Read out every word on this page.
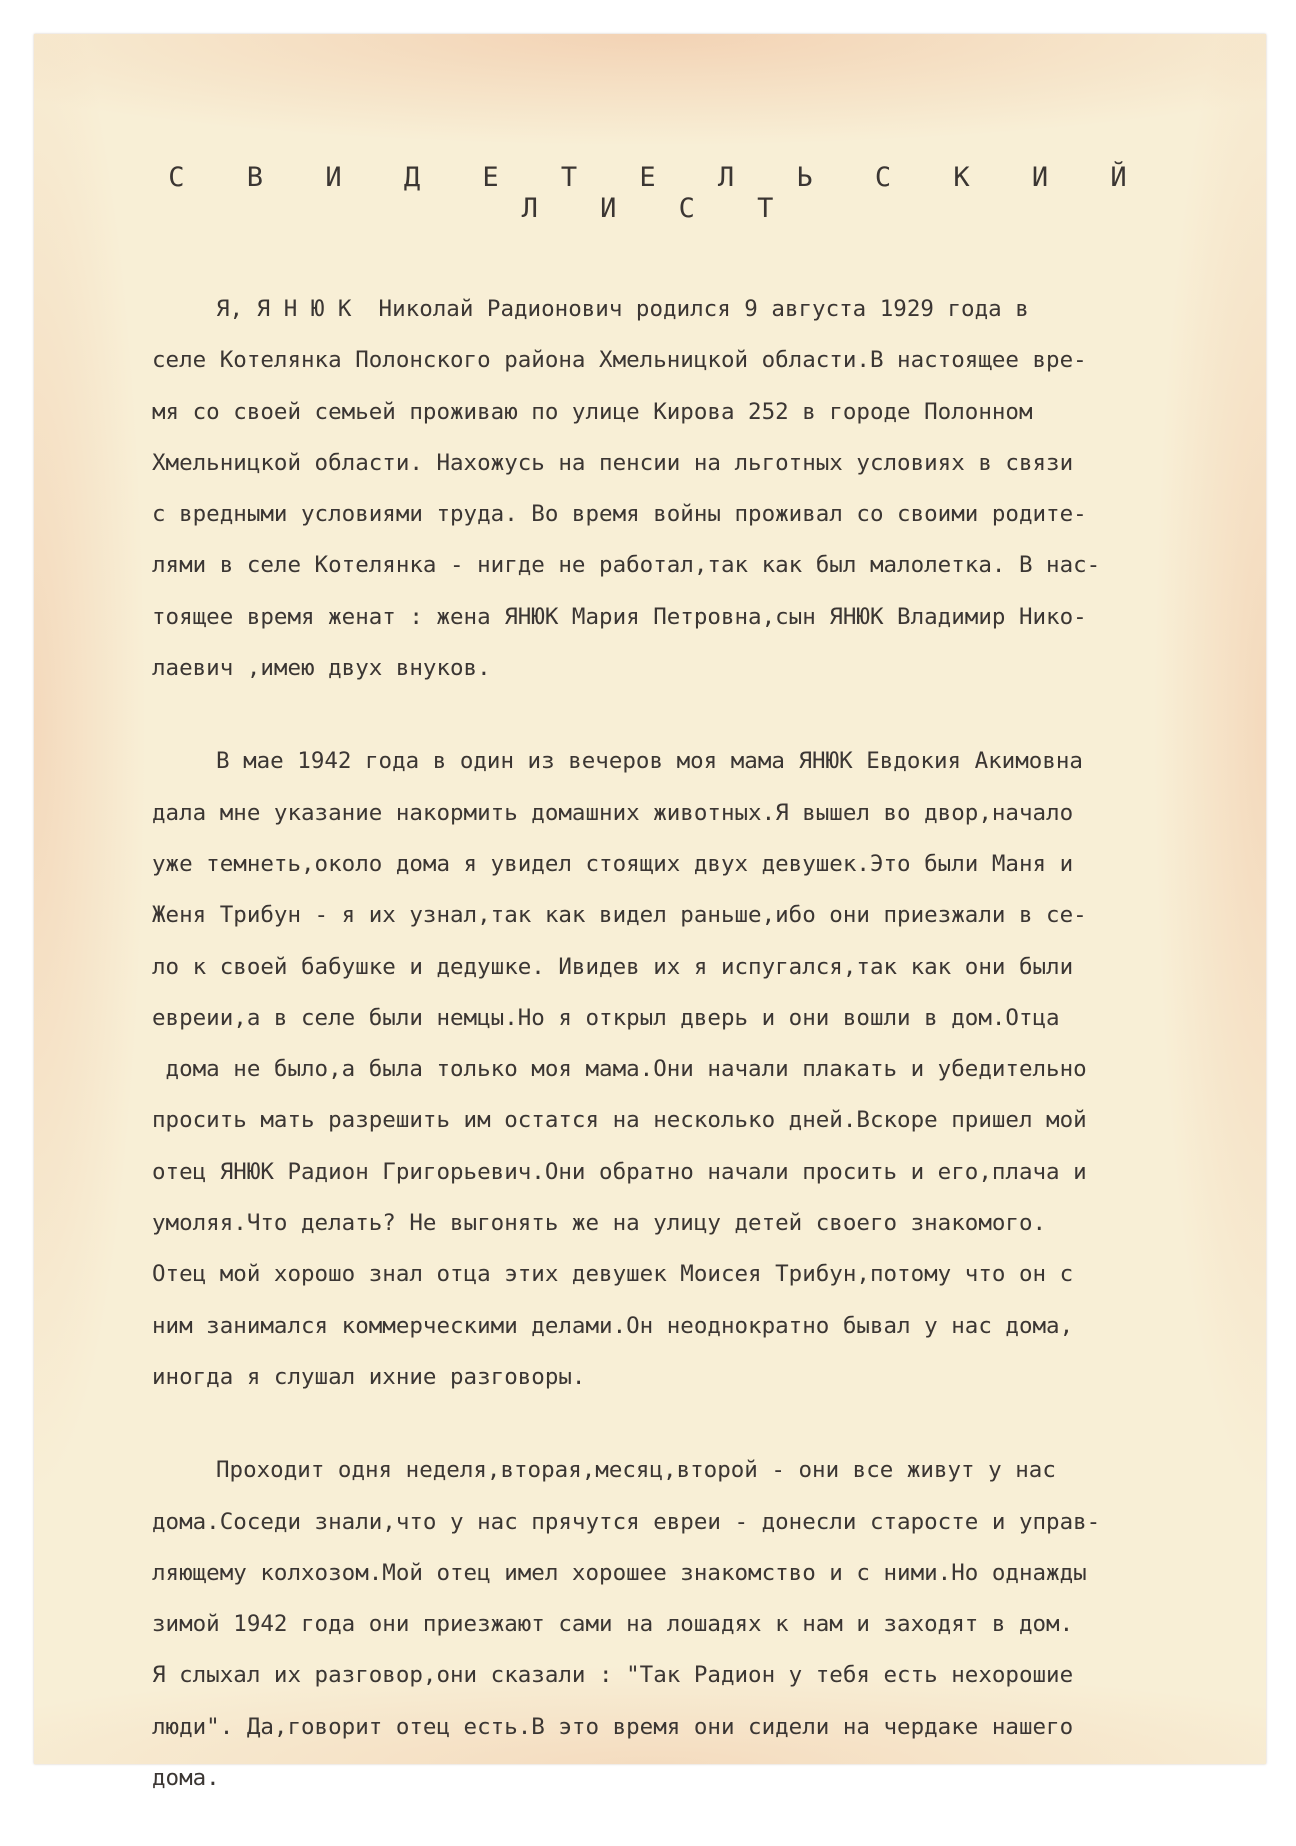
С В И Д Е Т Е Л Ь С К И Й Л И С Т
Я, Я Н Ю К  Николай Радионович родился 9 августа 1929 года в
селе Котелянка Полонского района Хмельницкой области.В настоящее вре-
мя со своей семьей проживаю по улице Кирова 252 в городе Полонном
Хмельницкой области. Нахожусь на пенсии на льготных условиях в связи
с вредными условиями труда. Во время войны проживал со своими родите-
лями в селе Котелянка - нигде не работал,так как был малолетка. В нас-
тоящее время женат : жена ЯНЮК Мария Петровна,сын ЯНЮК Владимир Нико-
лаевич ,имею двух внуков.
В мае 1942 года в один из вечеров моя мама ЯНЮК Евдокия Акимовна
дала мне указание накормить домашних животных.Я вышел во двор,начало
уже темнеть,около дома я увидел стоящих двух девушек.Это были Маня и
Женя Трибун - я их узнал,так как видел раньше,ибо они приезжали в се-
ло к своей бабушке и дедушке. Ивидев их я испугался,так как они были
евреии,а в селе были немцы.Но я открыл дверь и они вошли в дом.Отца
дома не было,а была только моя мама.Они начали плакать и убедительно
просить мать разрешить им остатся на несколько дней.Вскоре пришел мой
отец ЯНЮК Радион Григорьевич.Они обратно начали просить и его,плача и
умоляя.Что делать? Не выгонять же на улицу детей своего знакомого.
Отец мой хорошо знал отца этих девушек Моисея Трибун,потому что он с
ним занимался коммерческими делами.Он неоднократно бывал у нас дома,
иногда я слушал ихние разговоры.
Проходит одня неделя,вторая,месяц,второй - они все живут у нас
дома.Соседи знали,что у нас прячутся евреи - донесли старосте и управ-
ляющему колхозом.Мой отец имел хорошее знакомство и с ними.Но однажды
зимой 1942 года они приезжают сами на лошадях к нам и заходят в дом.
Я слыхал их разговор,они сказали : "Так Радион у тебя есть нехорошие
люди". Да,говорит отец есть.В это время они сидели на чердаке нашего
дома.
